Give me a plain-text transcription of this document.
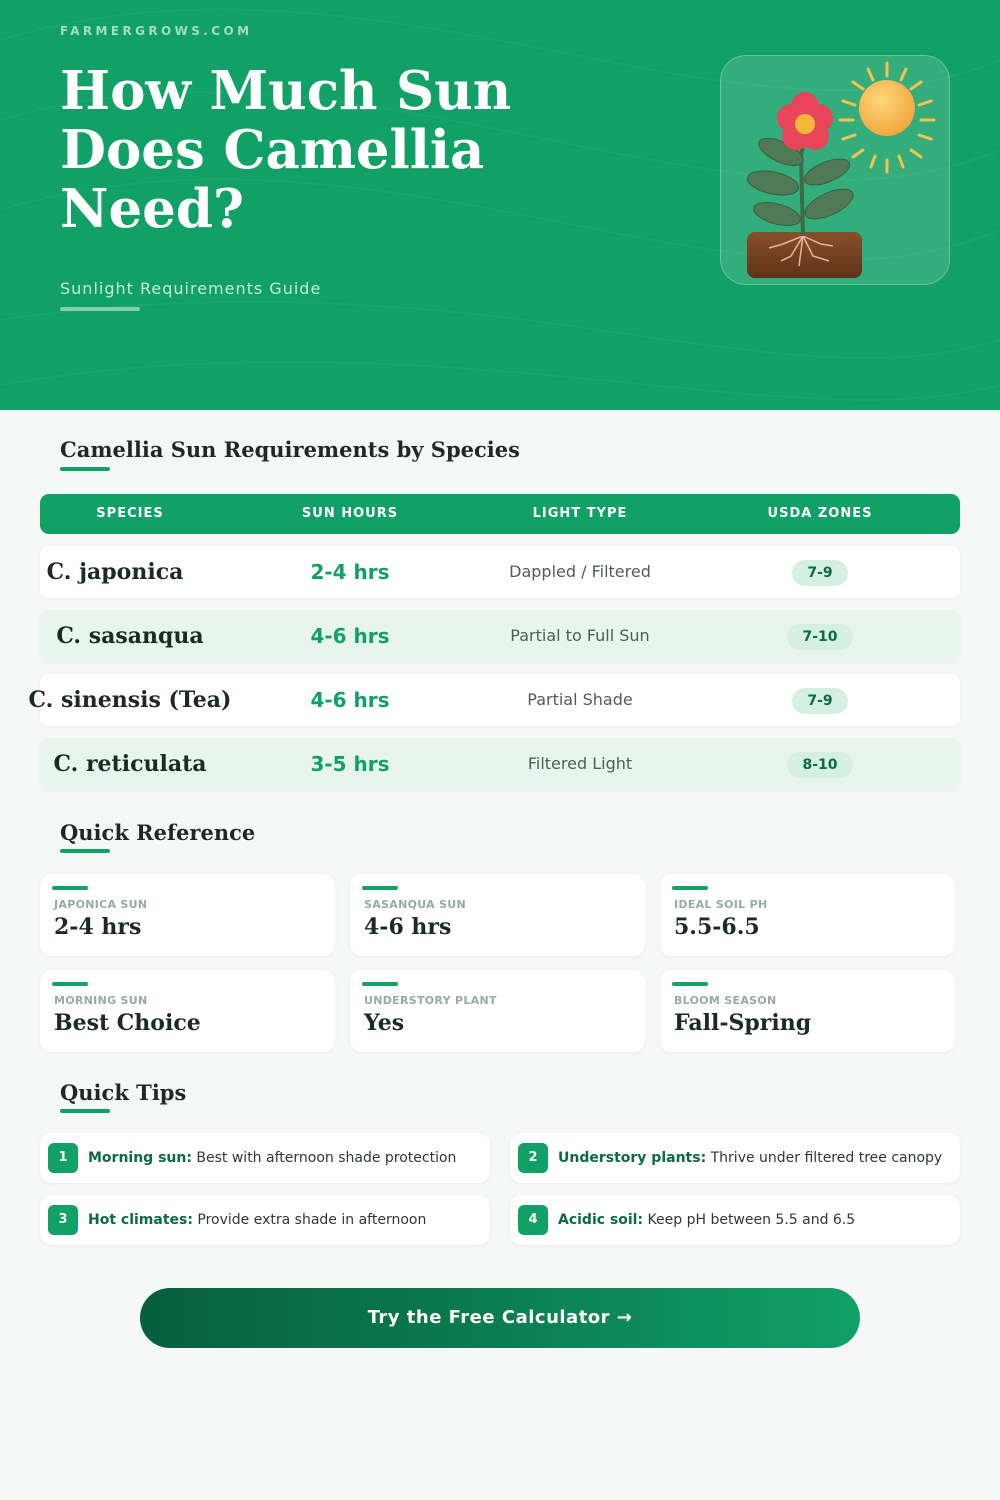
FARMERGROWS.COM
How Much Sun Does Camellia Need?
Sunlight Requirements Guide
Camellia Sun Requirements by Species
SPECIES	SUN HOURS	LIGHT TYPE	USDA ZONES
C. japonica	2-4 hrs	Dappled / Filtered	7-9
C. sasanqua	4-6 hrs	Partial to Full Sun	7-10
C. sinensis (Tea)	4-6 hrs	Partial Shade	7-9
C. reticulata	3-5 hrs	Filtered Light	8-10
Quick Reference
JAPONICA SUN
2-4 hrs
SASANQUA SUN
4-6 hrs
IDEAL SOIL PH
5.5-6.5
MORNING SUN
Best Choice
UNDERSTORY PLANT
Yes
BLOOM SEASON
Fall-Spring
Quick Tips
1	Morning sun: Best with afternoon shade protection	2	Understory plants: Thrive under filtered tree canopy
3	Hot climates: Provide extra shade in afternoon	4	Acidic soil: Keep pH between 5.5 and 6.5
Try the Free Calculator →
